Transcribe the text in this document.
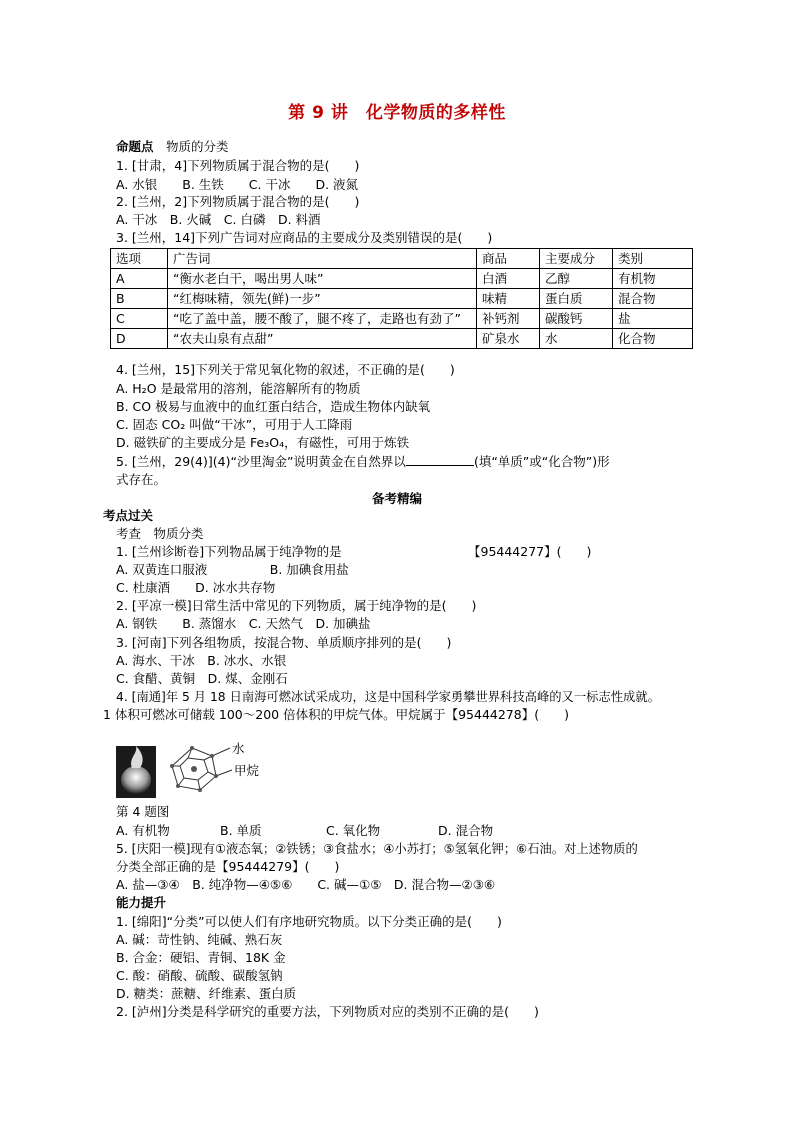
第 9 讲　化学物质的多样性
命题点　物质的分类
1. [甘肃，4]下列物质属于混合物的是(　　)
A. 水银　　B. 生铁　　C. 干冰　　D. 液氮
2. [兰州，2]下列物质属于混合物的是(　　)
A. 干冰　B. 火碱　C. 白磷　D. 料酒
3. [兰州，14]下列广告词对应商品的主要成分及类别错误的是(　　)
选项	广告词	商品	主要成分	类别
A	“衡水老白干，喝出男人味”	白酒	乙醇	有机物
B	“红梅味精，领先(鲜)一步”	味精	蛋白质	混合物
C	“吃了盖中盖，腰不酸了，腿不疼了，走路也有劲了”	补钙剂	碳酸钙	盐
D	“农夫山泉有点甜”	矿泉水	水	化合物
4. [兰州，15]下列关于常见氧化物的叙述，不正确的是(　　)
A. H₂O 是最常用的溶剂，能溶解所有的物质
B. CO 极易与血液中的血红蛋白结合，造成生物体内缺氧
C. 固态 CO₂ 叫做“干冰”，可用于人工降雨
D. 磁铁矿的主要成分是 Fe₃O₄，有磁性，可用于炼铁
5. [兰州，29(4)](4)“沙里淘金”说明黄金在自然界以	(填“单质”或“化合物”)形
式存在。
备考精编
考点过关
考查　物质分类
1. [兰州诊断卷]下列物品属于纯净物的是	【95444277】(　　)
A. 双黄连口服液　　　　　B. 加碘食用盐
C. 杜康酒　　D. 冰水共存物
2. [平凉一模]日常生活中常见的下列物质，属于纯净物的是(　　)
A. 钢铁　　B. 蒸馏水　C. 天然气　D. 加碘盐
3. [河南]下列各组物质，按混合物、单质顺序排列的是(　　)
A. 海水、干冰　B. 冰水、水银
C. 食醋、黄铜　D. 煤、金刚石
4. [南通]年 5 月 18 日南海可燃冰试采成功，这是中国科学家勇攀世界科技高峰的又一标志性成就。
1 体积可燃冰可储载 100～200 倍体积的甲烷气体。甲烷属于【95444278】(　　)
水
甲烷
第 4 题图
A. 有机物	B. 单质	C. 氧化物	D. 混合物
5. [庆阳一模]现有①液态氧；②铁锈；③食盐水；④小苏打；⑤氢氧化钾；⑥石油。对上述物质的
分类全部正确的是【95444279】(　　)
A. 盐—③④　B. 纯净物—④⑤⑥　　C. 碱—①⑤　D. 混合物—②③⑥
能力提升
1. [绵阳]“分类”可以使人们有序地研究物质。以下分类正确的是(　　)
A. 碱：苛性钠、纯碱、熟石灰
B. 合金：硬铝、青铜、18K 金
C. 酸：硝酸、硫酸、碳酸氢钠
D. 糖类：蔗糖、纤维素、蛋白质
2. [泸州]分类是科学研究的重要方法，下列物质对应的类别不正确的是(　　)
